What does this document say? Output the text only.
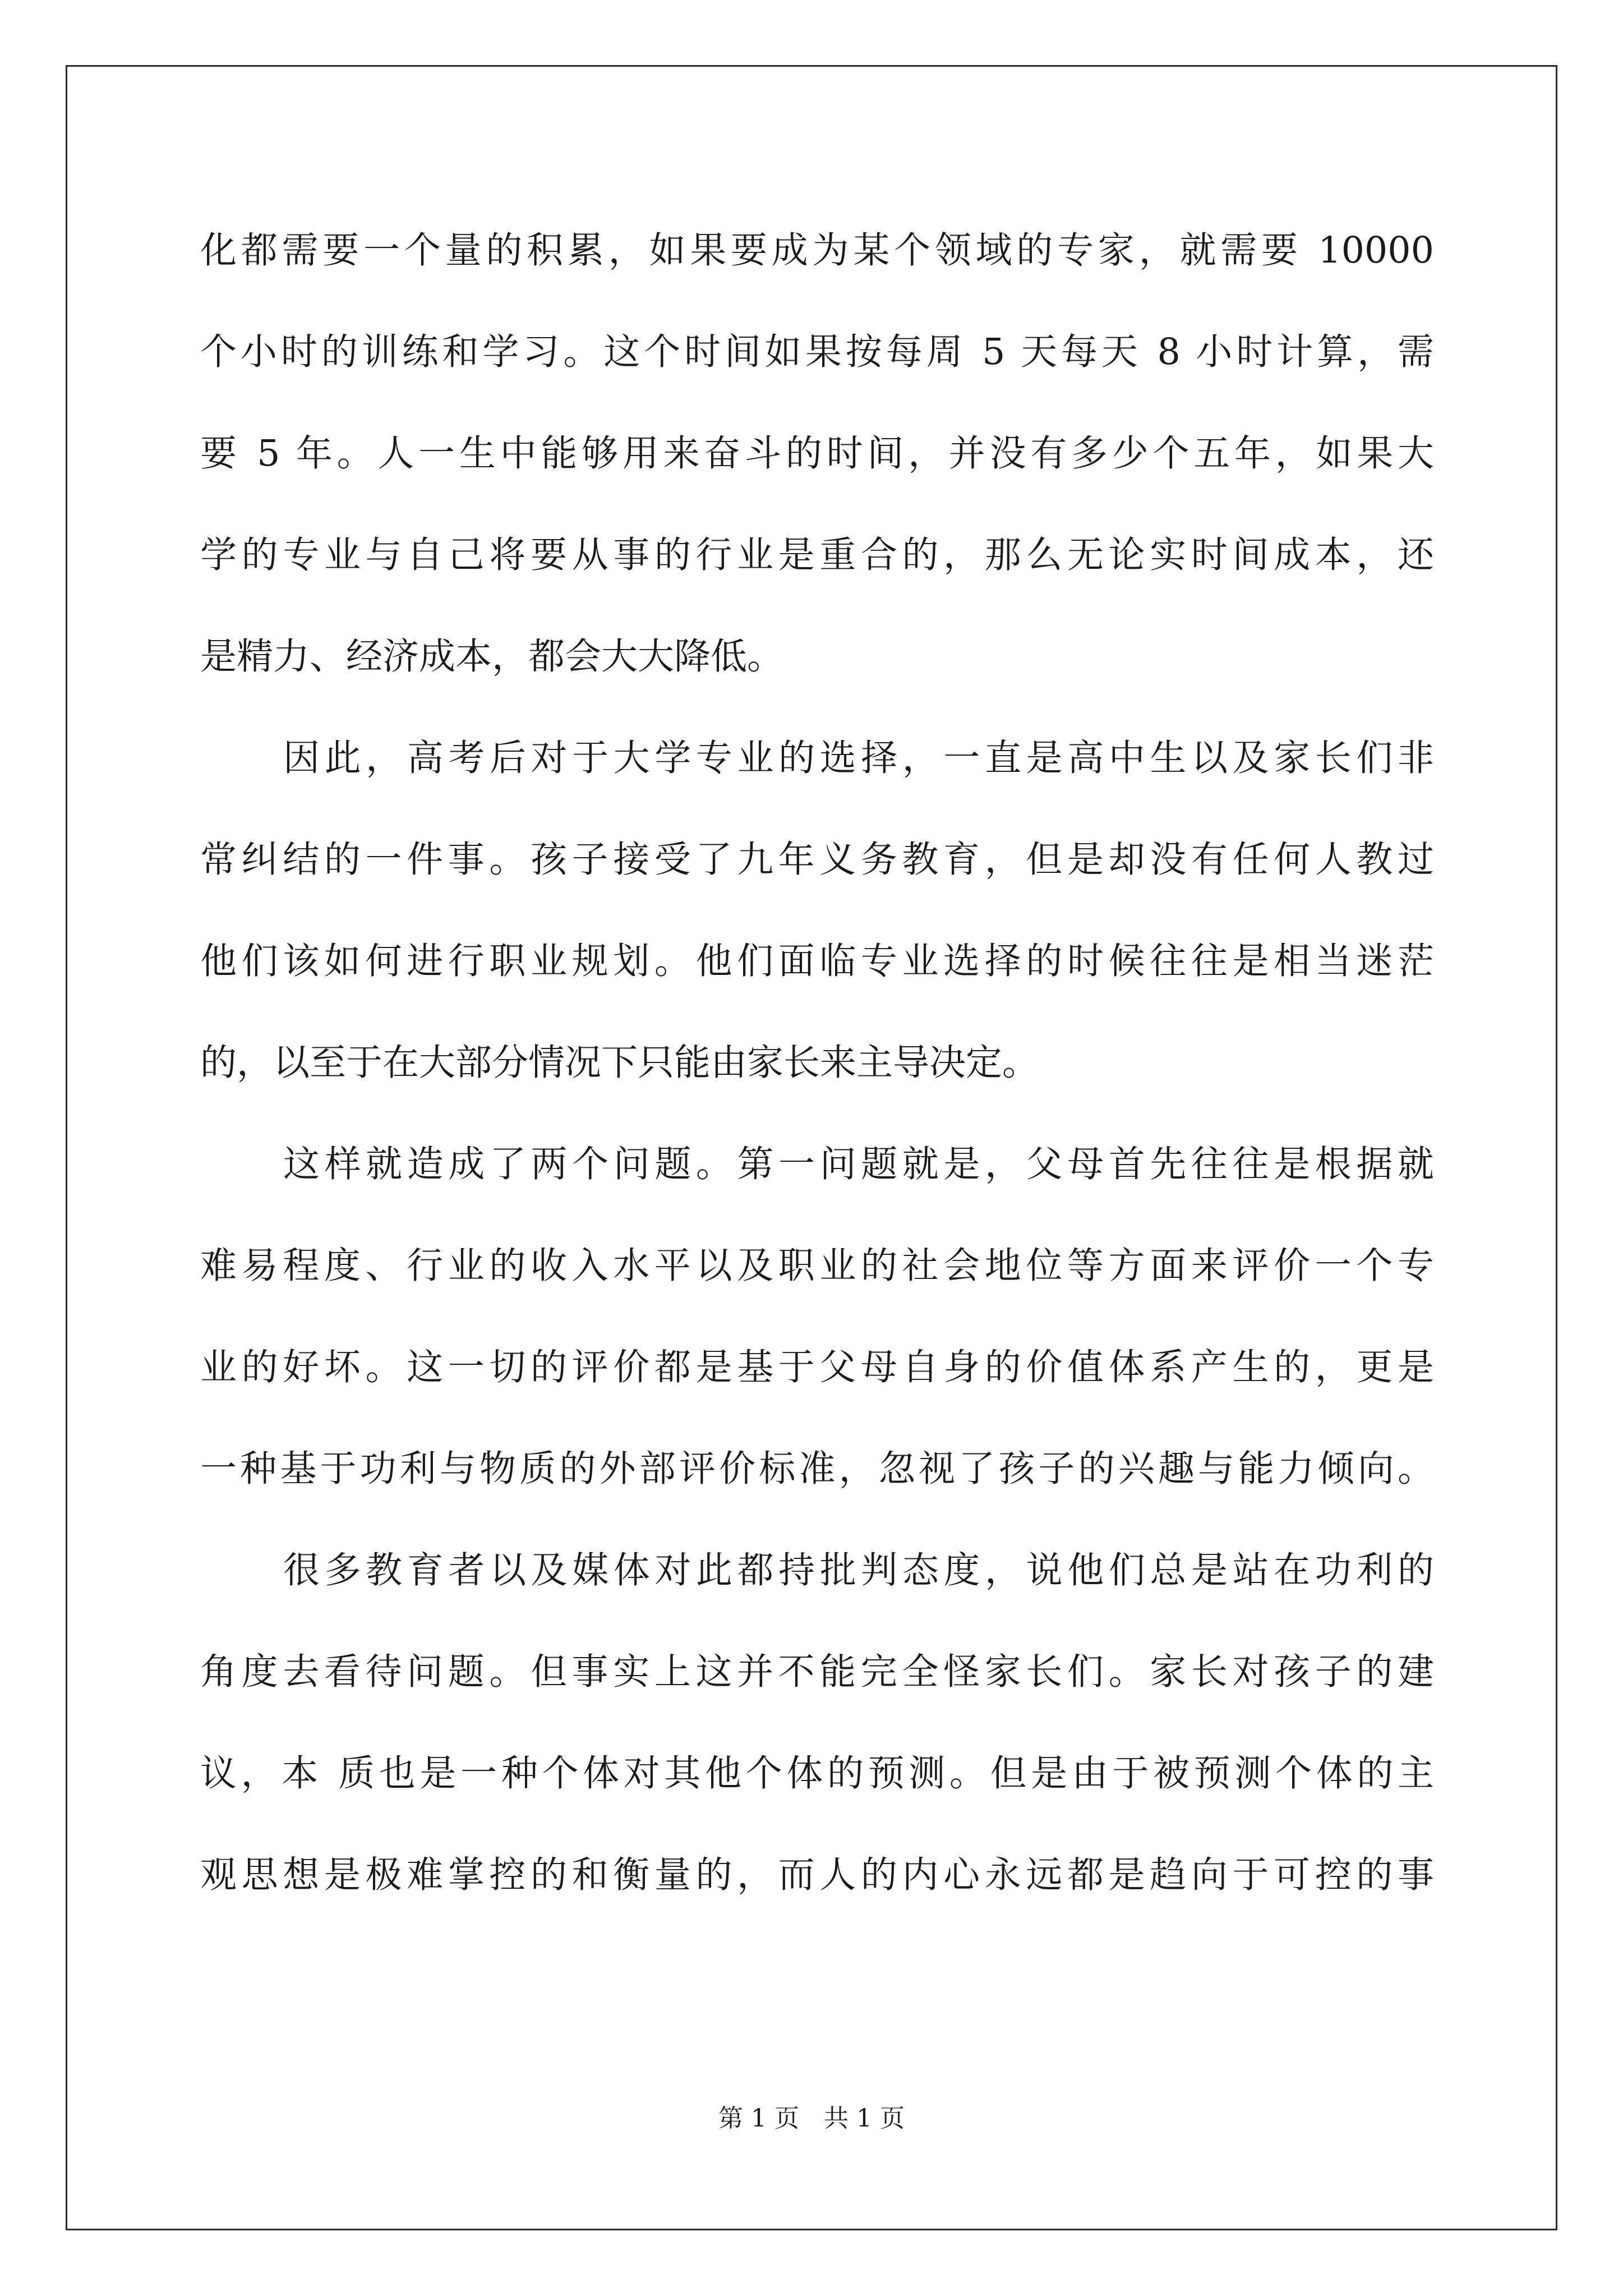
化都需要一个量的积累，如果要成为某个领域的专家，就需要 10000
个小时的训练和学习。这个时间如果按每周 5 天每天 8 小时计算，需
要 5 年。人一生中能够用来奋斗的时间，并没有多少个五年，如果大
学的专业与自己将要从事的行业是重合的，那么无论实时间成本，还
是精力、经济成本，都会大大降低。
因此，高考后对于大学专业的选择，一直是高中生以及家长们非
常纠结的一件事。孩子接受了九年义务教育，但是却没有任何人教过
他们该如何进行职业规划。他们面临专业选择的时候往往是相当迷茫
的，以至于在大部分情况下只能由家长来主导决定。
这样就造成了两个问题。第一问题就是，父母首先往往是根据就
难易程度、行业的收入水平以及职业的社会地位等方面来评价一个专
业的好坏。这一切的评价都是基于父母自身的价值体系产生的，更是
一种基于功利与物质的外部评价标准，忽视了孩子的兴趣与能力倾向。
很多教育者以及媒体对此都持批判态度，说他们总是站在功利的
角度去看待问题。但事实上这并不能完全怪家长们。家长对孩子的建
议，本 质也是一种个体对其他个体的预测。但是由于被预测个体的主
观思想是极难掌控的和衡量的，而人的内心永远都是趋向于可控的事
第 1 页　共 1 页
